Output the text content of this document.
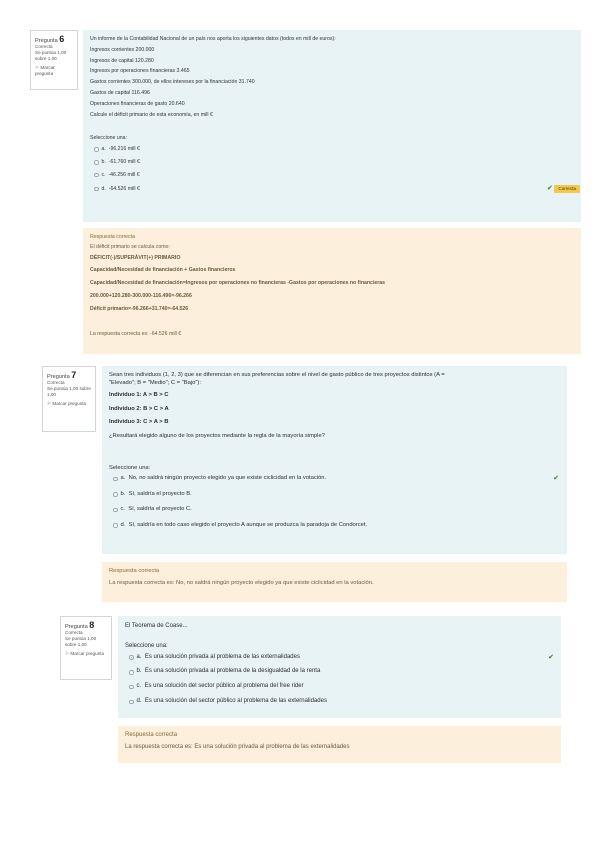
Pregunta 6
Correcta
Se puntúa 1,00 sobre 1,00
⚐ Marcar pregunta
Un informe de la Contabilidad Nacional de un país nos aporta los siguientes datos (todos en mill de euros):
Ingresos corrientes 200.000
Ingresos de capital 120.280
Ingresos por operaciones financieras 3.465
Gastos corrientes 300.000, de ellos intereses por la financiación 31.740
Gastos de capital 116.496
Operaciones financieras de gasto 20.640
Calcule el déficit primario de esta economía, en mill €
Seleccione una:
a.
-96.216 mill €
b.
-61.760 mill €
c.
-46.256 mill €
d.
-64.526 mill €	✔
	Correcta
Respuesta correcta
El déficit primario se calcula como:
DÉFICIT(-)/SUPERÁVIT(+) PRIMARIO
Capacidad/Necesidad de financiación + Gastos financieros
Capacidad/Necesidad de financiación=Ingresos por operaciones no financieras -Gastos por operaciones no financieras
200.000+120.280-300.000-116.496=-96.266
Déficit primario=-96.266+31.740=-64.526
La respuesta correcta es: -64.526 mill €
Pregunta 7
Correcta
Se puntúa 1,00 sobre 1,00
⚐ Marcar pregunta
Sean tres individuos (1, 2, 3) que se diferencian en sus preferencias sobre el nivel de gasto público de tres proyectos distintos (A =
"Elevado"; B = "Medio"; C = "Bajo"):
Individuo 1: A > B > C
Individuo 2: B > C > A
Individuo 3: C > A > B
¿Resultará elegido alguno de los proyectos mediante la regla de la mayoría simple?
Seleccione una:
a.
No, no saldrá ningún proyecto elegido ya que existe ciclicidad en la votación.	✔
b.
Sí, saldría el proyecto B.
c.
Sí, saldría el proyecto C.
d.
Sí, saldría en todo caso elegido el proyecto A aunque se produzca la paradoja de Condorcet.
Respuesta correcta
La respuesta correcta es: No, no saldrá ningún proyecto elegido ya que existe ciclicidad en la votación.
Pregunta 8
Correcta
Se puntúa 1,00 sobre 1,00
⚐ Marcar pregunta
El Teorema de Coase...
Seleccione una:
a.
Es una solución privada al problema de las externalidades	✔
b.
Es una solución privada al problema de la desigualdad de la renta
c.
Es una solución del sector público al problema del free rider
d.
Es una solución del sector público al problema de las externalidades
Respuesta correcta
La respuesta correcta es: Es una solución privada al problema de las externalidades
